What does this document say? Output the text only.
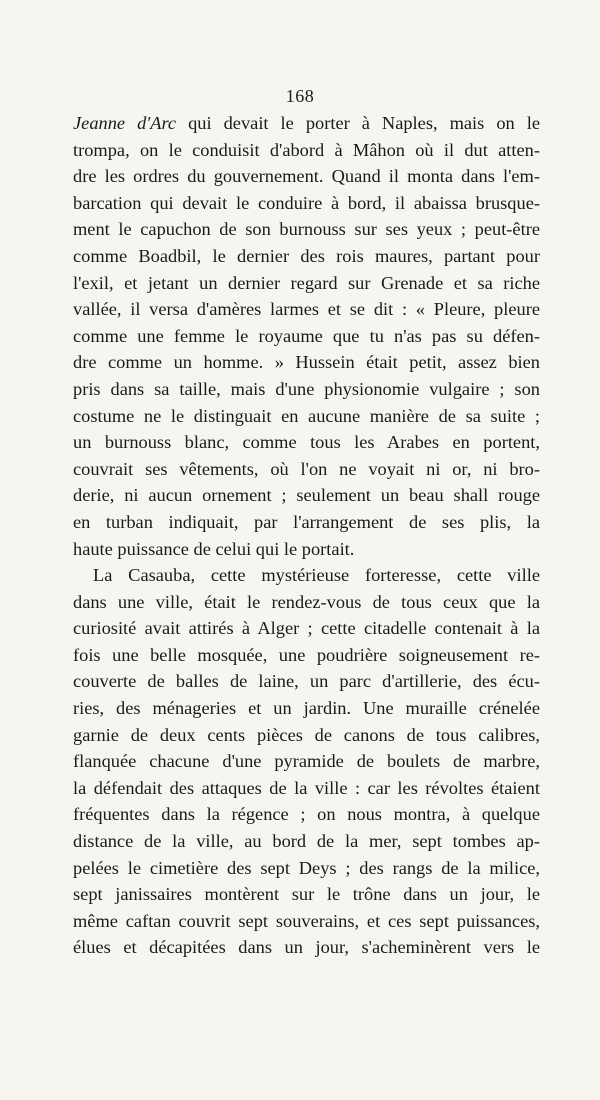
168
Jeanne d'Arc qui devait le porter à Naples, mais on le
trompa, on le conduisit d'abord à Mâhon où il dut atten-
dre les ordres du gouvernement. Quand il monta dans l'em-
barcation qui devait le conduire à bord, il abaissa brusque-
ment le capuchon de son burnouss sur ses yeux ; peut-être
comme Boadbil, le dernier des rois maures, partant pour
l'exil, et jetant un dernier regard sur Grenade et sa riche
vallée, il versa d'amères larmes et se dit : « Pleure, pleure
comme une femme le royaume que tu n'as pas su défen-
dre comme un homme. » Hussein était petit, assez bien
pris dans sa taille, mais d'une physionomie vulgaire ; son
costume ne le distinguait en aucune manière de sa suite ;
un burnouss blanc, comme tous les Arabes en portent,
couvrait ses vêtements, où l'on ne voyait ni or, ni bro-
derie, ni aucun ornement ; seulement un beau shall rouge
en turban indiquait, par l'arrangement de ses plis, la
haute puissance de celui qui le portait.
La Casauba, cette mystérieuse forteresse, cette ville
dans une ville, était le rendez-vous de tous ceux que la
curiosité avait attirés à Alger ; cette citadelle contenait à la
fois une belle mosquée, une poudrière soigneusement re-
couverte de balles de laine, un parc d'artillerie, des écu-
ries, des ménageries et un jardin. Une muraille crénelée
garnie de deux cents pièces de canons de tous calibres,
flanquée chacune d'une pyramide de boulets de marbre,
la défendait des attaques de la ville : car les révoltes étaient
fréquentes dans la régence ; on nous montra, à quelque
distance de la ville, au bord de la mer, sept tombes ap-
pelées le cimetière des sept Deys ; des rangs de la milice,
sept janissaires montèrent sur le trône dans un jour, le
même caftan couvrit sept souverains, et ces sept puissances,
élues et décapitées dans un jour, s'acheminèrent vers le
